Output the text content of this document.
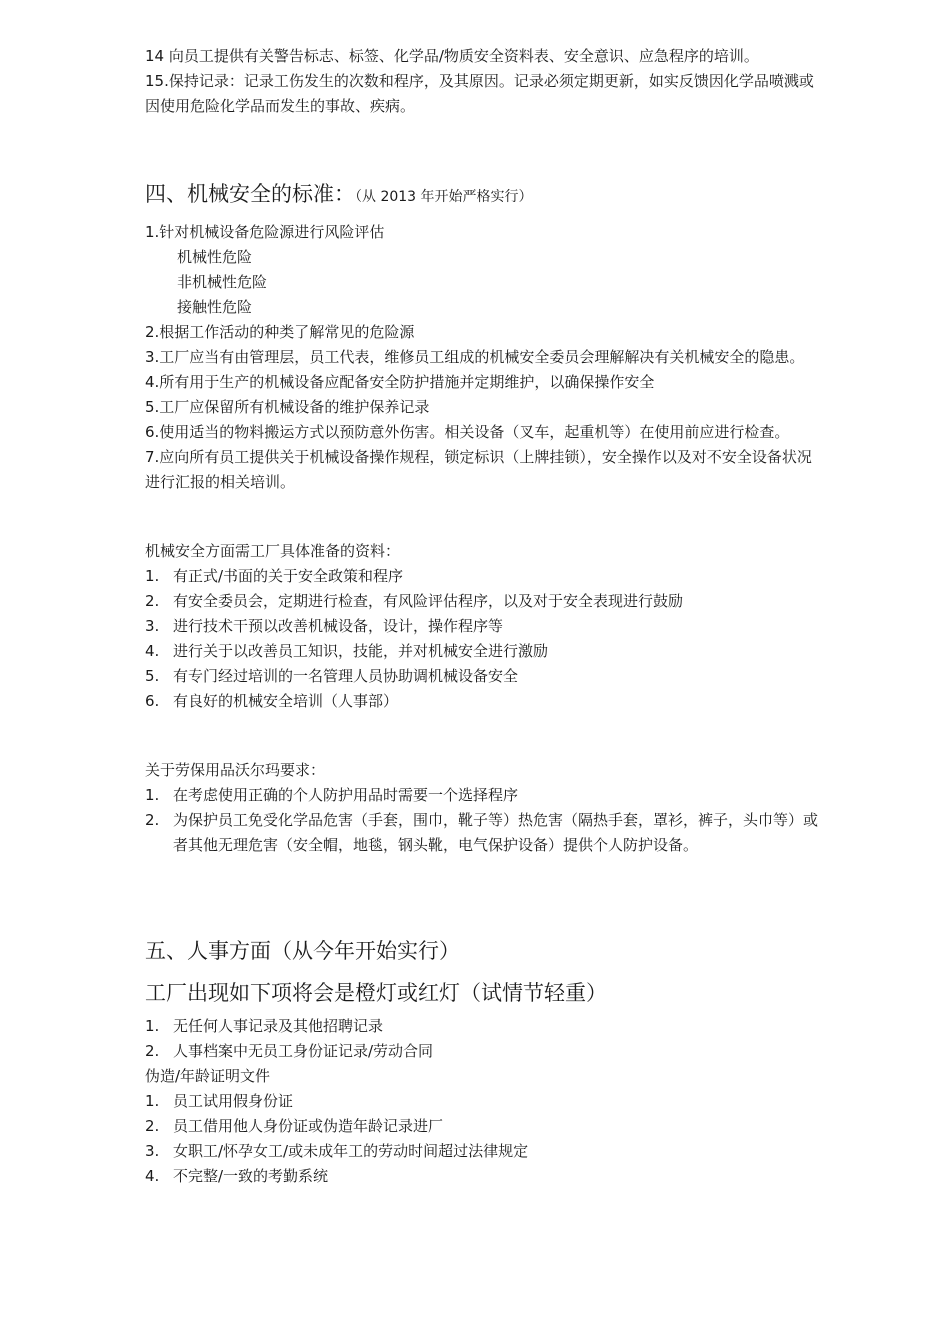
14 向员工提供有关警告标志、标签、化学品/物质安全资料表、安全意识、应急程序的培训。

15.保持记录：记录工伤发生的次数和程序，及其原因。记录必须定期更新，如实反馈因化学品喷溅或因使用危险化学品而发生的事故、疾病。

四、机械安全的标准：（从 2013 年开始严格实行）

1.针对机械设备危险源进行风险评估

机械性危险

非机械性危险

接触性危险

2.根据工作活动的种类了解常见的危险源

3.工厂应当有由管理层，员工代表，维修员工组成的机械安全委员会理解解决有关机械安全的隐患。

4.所有用于生产的机械设备应配备安全防护措施并定期维护，以确保操作安全

5.工厂应保留所有机械设备的维护保养记录

6.使用适当的物料搬运方式以预防意外伤害。相关设备（叉车，起重机等）在使用前应进行检查。

7.应向所有员工提供关于机械设备操作规程，锁定标识（上牌挂锁），安全操作以及对不安全设备状况进行汇报的相关培训。

机械安全方面需工厂具体准备的资料：

1. 有正式/书面的关于安全政策和程序
2. 有安全委员会，定期进行检查，有风险评估程序，以及对于安全表现进行鼓励
3. 进行技术干预以改善机械设备，设计，操作程序等
4. 进行关于以改善员工知识，技能，并对机械安全进行激励
5. 有专门经过培训的一名管理人员协助调机械设备安全
6. 有良好的机械安全培训（人事部）

关于劳保用品沃尔玛要求：

1. 在考虑使用正确的个人防护用品时需要一个选择程序
2. 为保护员工免受化学品危害（手套，围巾，靴子等）热危害（隔热手套，罩衫，裤子，头巾等）或者其他无理危害（安全帽，地毯，钢头靴，电气保护设备）提供个人防护设备。
五、人事方面（从今年开始实行）
工厂出现如下项将会是橙灯或红灯（试情节轻重）
1. 无任何人事记录及其他招聘记录
2. 人事档案中无员工身份证记录/劳动合同

伪造/年龄证明文件

1. 员工试用假身份证
2. 员工借用他人身份证或伪造年龄记录进厂
3. 女职工/怀孕女工/或未成年工的劳动时间超过法律规定
4. 不完整/一致的考勤系统
